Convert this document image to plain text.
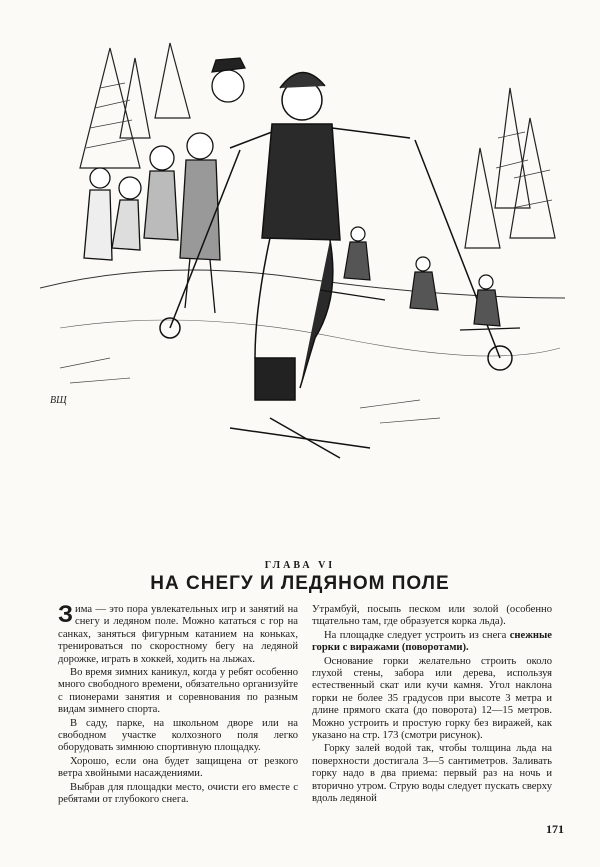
ВЩ
ГЛАВА VI
НА СНЕГУ И ЛЕДЯНОМ ПОЛЕ

Зима — это пора увлекательных игр и занятий на снегу и ледяном поле. Можно кататься с гор на санках, заняться фигурным катанием на коньках, тренироваться по скоростному бегу на ледяной дорожке, играть в хоккей, ходить на лыжах.

Во время зимних каникул, когда у ребят особенно много свободного времени, обязательно организуйте с пионерами занятия и соревнования по разным видам зимнего спорта.

В саду, парке, на школьном дворе или на свободном участке колхозного поля легко оборудовать зимнюю спортивную площадку.

Хорошо, если она будет защищена от резкого ветра хвойными насаждениями.

Выбрав для площадки место, очисти его вместе с ребятами от глубокого снега.

Утрамбуй, посыпь песком или золой (особенно тщательно там, где образуется корка льда).

На площадке следует устроить из снега снежные горки с виражами (поворотами).

Основание горки желательно строить около глухой стены, забора или дерева, используя естественный скат или кучи камня. Угол наклона горки не более 35 градусов при высоте 3 метра и длине прямого ската (до поворота) 12—15 метров. Можно устроить и простую горку без виражей, как указано на стр. 173 (смотри рисунок).

Горку залей водой так, чтобы толщина льда на поверхности достигала 3—5 сантиметров. Заливать горку надо в два приема: первый раз на ночь и вторично утром. Струю воды следует пускать сверху вдоль ледяной

171
